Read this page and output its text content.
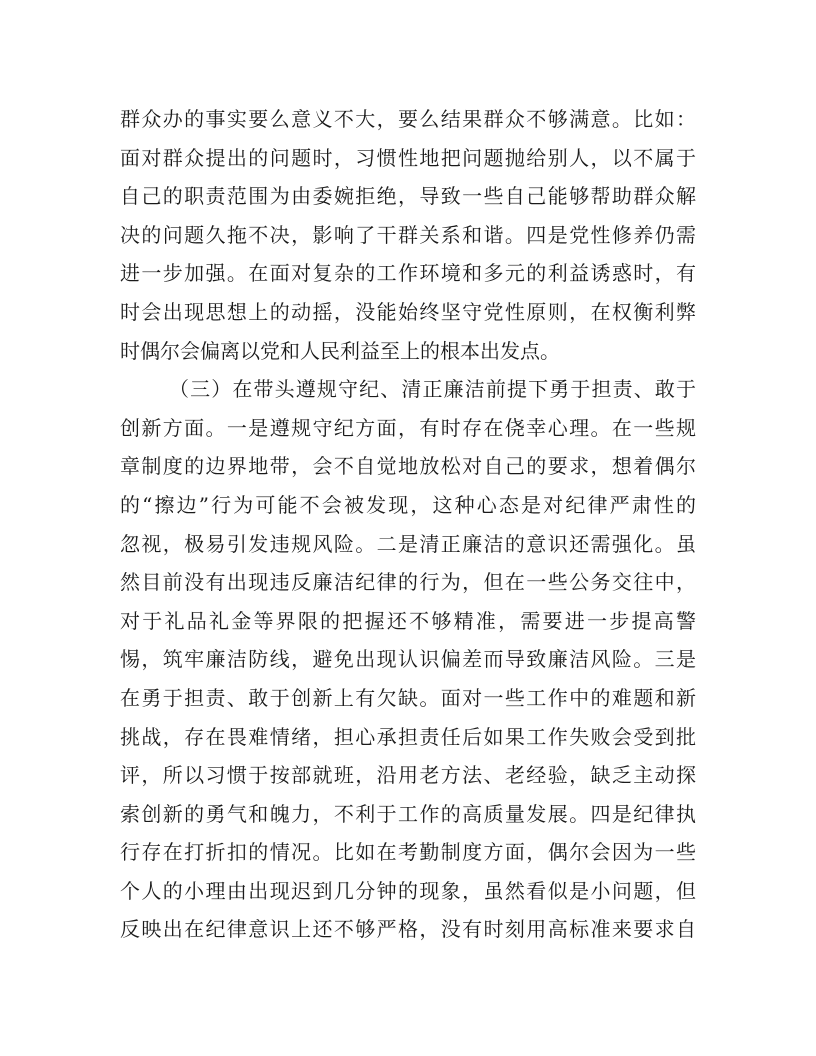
群众办的事实要么意义不大，要么结果群众不够满意。比如：
面对群众提出的问题时，习惯性地把问题抛给别人，以不属于
自己的职责范围为由委婉拒绝，导致一些自己能够帮助群众解
决的问题久拖不决，影响了干群关系和谐。四是党性修养仍需
进一步加强。在面对复杂的工作环境和多元的利益诱惑时，有
时会出现思想上的动摇，没能始终坚守党性原则，在权衡利弊
时偶尔会偏离以党和人民利益至上的根本出发点。
（三）在带头遵规守纪、清正廉洁前提下勇于担责、敢于
创新方面。一是遵规守纪方面，有时存在侥幸心理。在一些规
章制度的边界地带，会不自觉地放松对自己的要求，想着偶尔
的“擦边”行为可能不会被发现，这种心态是对纪律严肃性的
忽视，极易引发违规风险。二是清正廉洁的意识还需强化。虽
然目前没有出现违反廉洁纪律的行为，但在一些公务交往中，
对于礼品礼金等界限的把握还不够精准，需要进一步提高警
惕，筑牢廉洁防线，避免出现认识偏差而导致廉洁风险。三是
在勇于担责、敢于创新上有欠缺。面对一些工作中的难题和新
挑战，存在畏难情绪，担心承担责任后如果工作失败会受到批
评，所以习惯于按部就班，沿用老方法、老经验，缺乏主动探
索创新的勇气和魄力，不利于工作的高质量发展。四是纪律执
行存在打折扣的情况。比如在考勤制度方面，偶尔会因为一些
个人的小理由出现迟到几分钟的现象，虽然看似是小问题，但
反映出在纪律意识上还不够严格，没有时刻用高标准来要求自
